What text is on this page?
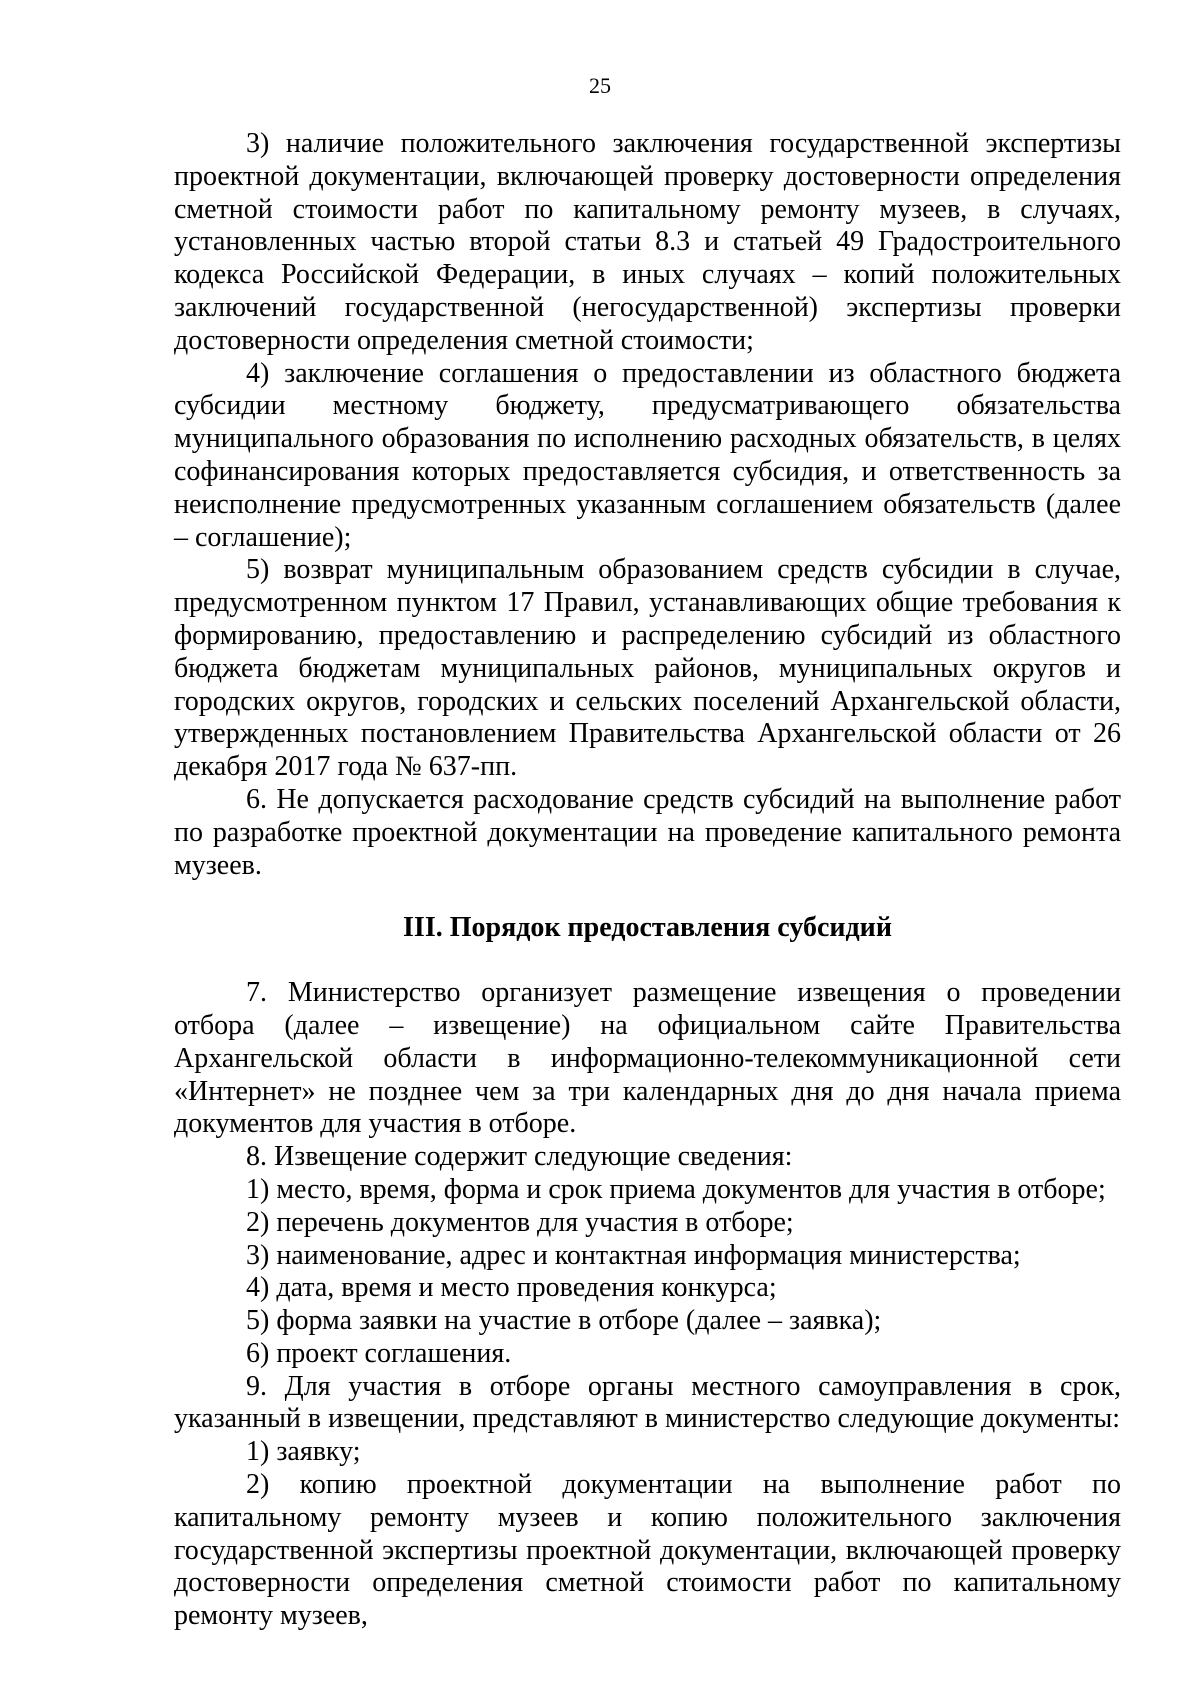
25

3) наличие положительного заключения государственной экспертизы проектной документации, включающей проверку достоверности определения сметной стоимости работ по капитальному ремонту музеев, в случаях, установленных частью второй статьи 8.3 и статьей 49 Градостроительного кодекса Российской Федерации, в иных случаях – копий положительных заключений государственной (негосударственной) экспертизы проверки достоверности определения сметной стоимости;

4) заключение соглашения о предоставлении из областного бюджета субсидии местному бюджету, предусматривающего обязательства муниципального образования по исполнению расходных обязательств, в целях софинансирования которых предоставляется субсидия, и ответственность за неисполнение предусмотренных указанным соглашением обязательств (далее – соглашение);

5) возврат муниципальным образованием средств субсидии в случае, предусмотренном пунктом 17 Правил, устанавливающих общие требования к формированию, предоставлению и распределению субсидий из областного бюджета бюджетам муниципальных районов, муниципальных округов и городских округов, городских и сельских поселений Архангельской области, утвержденных постановлением Правительства Архангельской области от 26 декабря 2017 года № 637-пп.

6. Не допускается расходование средств субсидий на выполнение работ по разработке проектной документации на проведение капитального ремонта музеев.

III. Порядок предоставления субсидий

7. Министерство организует размещение извещения о проведении отбора (далее – извещение) на официальном сайте Правительства Архангельской области в информационно-телекоммуникационной сети «Интернет» не позднее чем за три календарных дня до дня начала приема документов для участия в отборе.

8. Извещение содержит следующие сведения:

1) место, время, форма и срок приема документов для участия в отборе;

2) перечень документов для участия в отборе;

3) наименование, адрес и контактная информация министерства;

4) дата, время и место проведения конкурса;

5) форма заявки на участие в отборе (далее – заявка);

6) проект соглашения.

9. Для участия в отборе органы местного самоуправления в срок, указанный в извещении, представляют в министерство следующие документы:

1) заявку;

2) копию проектной документации на выполнение работ по капитальному ремонту музеев и копию положительного заключения государственной экспертизы проектной документации, включающей проверку достоверности определения сметной стоимости работ по капитальному ремонту музеев,
